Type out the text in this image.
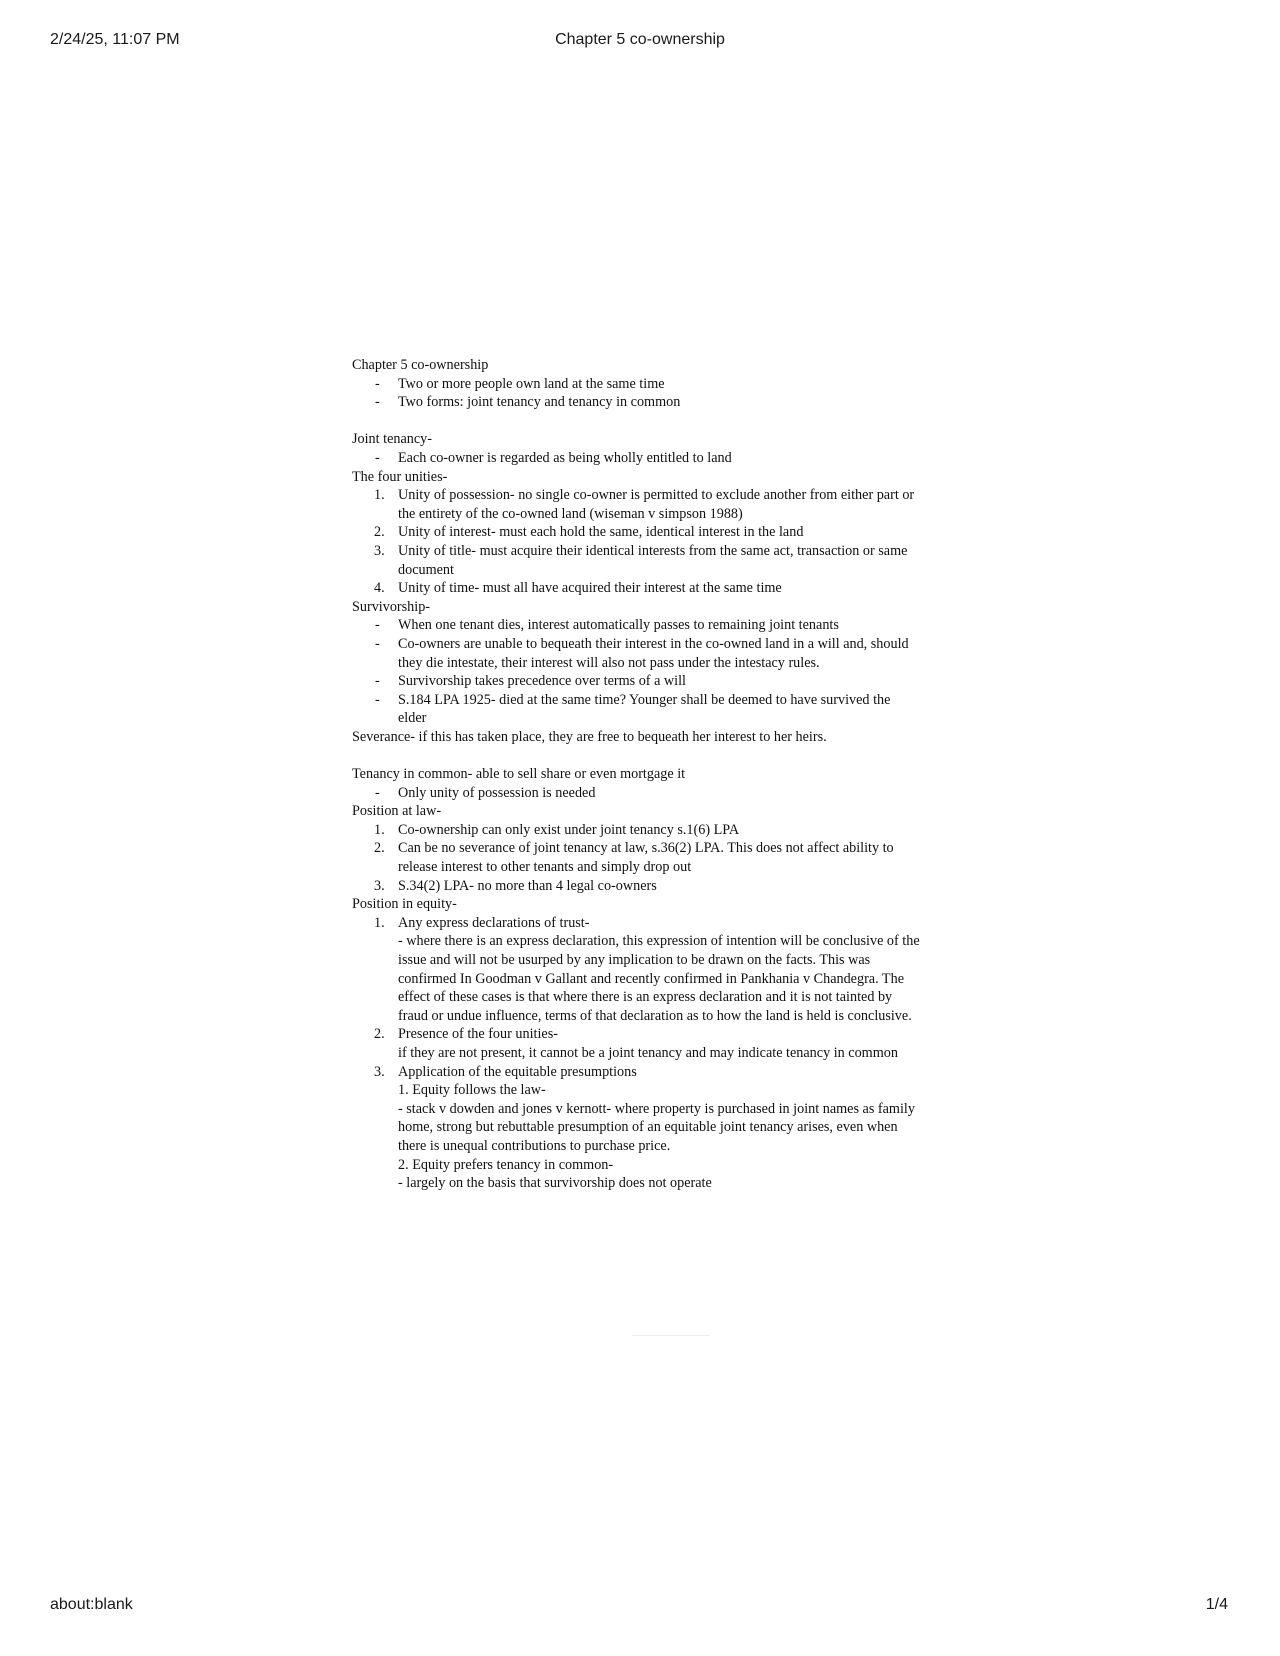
2/24/25, 11:07 PM	Chapter 5 co-ownership

Chapter 5 co-ownership

- Two or more people own land at the same time
- Two forms: joint tenancy and tenancy in common

Joint tenancy-

- Each co-owner is regarded as being wholly entitled to land

The four unities-

1. Unity of possession- no single co-owner is permitted to exclude another from either part or the entirety of the co-owned land (wiseman v simpson 1988)
2. Unity of interest- must each hold the same, identical interest in the land
3. Unity of title- must acquire their identical interests from the same act, transaction or same document
4. Unity of time- must all have acquired their interest at the same time

Survivorship-

- When one tenant dies, interest automatically passes to remaining joint tenants
- Co-owners are unable to bequeath their interest in the co-owned land in a will and, should they die intestate, their interest will also not pass under the intestacy rules.
- Survivorship takes precedence over terms of a will
- S.184 LPA 1925- died at the same time? Younger shall be deemed to have survived the elder

Severance- if this has taken place, they are free to bequeath her interest to her heirs.

Tenancy in common- able to sell share or even mortgage it

- Only unity of possession is needed

Position at law-

1. Co-ownership can only exist under joint tenancy s.1(6) LPA
2. Can be no severance of joint tenancy at law, s.36(2) LPA. This does not affect ability to release interest to other tenants and simply drop out
3. S.34(2) LPA- no more than 4 legal co-owners

Position in equity-

1. Any express declarations of trust-
- where there is an express declaration, this expression of intention will be conclusive of the issue and will not be usurped by any implication to be drawn on the facts. This was confirmed In Goodman v Gallant and recently confirmed in Pankhania v Chandegra. The effect of these cases is that where there is an express declaration and it is not tainted by fraud or undue influence, terms of that declaration as to how the land is held is conclusive.
2. Presence of the four unities-
if they are not present, it cannot be a joint tenancy and may indicate tenancy in common
3. Application of the equitable presumptions
1. Equity follows the law-
- stack v dowden and jones v kernott- where property is purchased in joint names as family home, strong but rebuttable presumption of an equitable joint tenancy arises, even when there is unequal contributions to purchase price.
2. Equity prefers tenancy in common-
- largely on the basis that survivorship does not operate
about:blank	1/4
